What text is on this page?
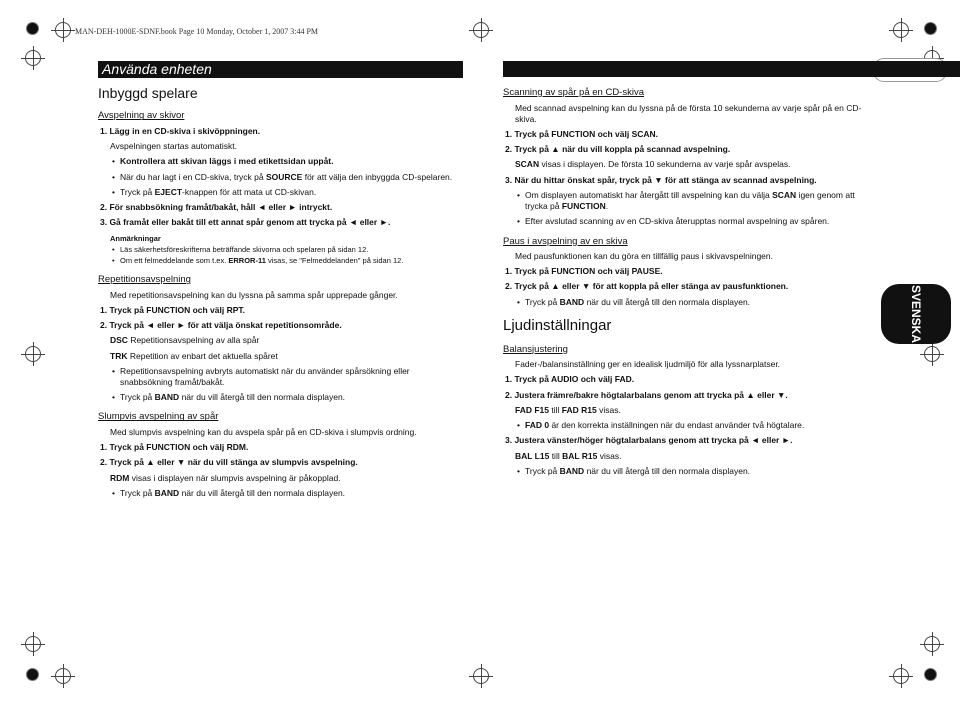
MAN-DEH-1000E-SDNF.book Page 10 Monday, October 1, 2007 3:44 PM
SVENSKA
Använda enheten
Inbyggd spelare
Avspelning av skivor

1. Lägg in en CD-skiva i skivöppningen.

Avspelningen startas automatiskt.

• Kontrollera att skivan läggs i med etikettsidan uppåt.

• När du har lagt i en CD-skiva, tryck på SOURCE för att välja den inbyggda CD-spelaren.

• Tryck på EJECT-knappen för att mata ut CD-skivan.

2. För snabbsökning framåt/bakåt, håll ◄ eller ► intryckt.

3. Gå framåt eller bakåt till ett annat spår genom att trycka på ◄ eller ►.

Anmärkningar

• Läs säkerhetsföreskrifterna beträffande skivorna och spelaren på sidan 12.

• Om ett felmeddelande som t.ex. ERROR-11 visas, se "Felmeddelanden" på sidan 12.

Repetitionsavspelning

Med repetitionsavspelning kan du lyssna på samma spår upprepade gånger.

1. Tryck på FUNCTION och välj RPT.

2. Tryck på ◄ eller ► för att välja önskat repetitionsområde.

DSC Repetitionsavspelning av alla spår

TRK Repetition av enbart det aktuella spåret

• Repetitionsavspelning avbryts automatiskt när du använder spårsökning eller snabbsökning framåt/bakåt.

• Tryck på BAND när du vill återgå till den normala displayen.

Slumpvis avspelning av spår

Med slumpvis avspelning kan du avspela spår på en CD-skiva i slumpvis ordning.

1. Tryck på FUNCTION och välj RDM.

2. Tryck på ▲ eller ▼ när du vill stänga av slumpvis avspelning.

RDM visas i displayen när slumpvis avspelning är påkopplad.

• Tryck på BAND när du vill återgå till den normala displayen.

Scanning av spår på en CD-skiva

Med scannad avspelning kan du lyssna på de första 10 sekunderna av varje spår på en CD-skiva.

1. Tryck på FUNCTION och välj SCAN.

2. Tryck på ▲ när du vill koppla på scannad avspelning.

SCAN visas i displayen. De första 10 sekunderna av varje spår avspelas.

3. När du hittar önskat spår, tryck på ▼ för att stänga av scannad avspelning.

• Om displayen automatiskt har återgått till avspelning kan du välja SCAN igen genom att trycka på FUNCTION.

• Efter avslutad scanning av en CD-skiva återupptas normal avspelning av spåren.

Paus i avspelning av en skiva

Med pausfunktionen kan du göra en tillfällig paus i skivavspelningen.

1. Tryck på FUNCTION och välj PAUSE.

2. Tryck på ▲ eller ▼ för att koppla på eller stänga av pausfunktionen.

• Tryck på BAND när du vill återgå till den normala displayen.

Ljudinställningar
Balansjustering

Fader-/balansinställning ger en idealisk ljudmiljö för alla lyssnarplatser.

1. Tryck på AUDIO och välj FAD.

2. Justera främre/bakre högtalarbalans genom att trycka på ▲ eller ▼.

FAD F15 till FAD R15 visas.

• FAD 0 är den korrekta inställningen när du endast använder två högtalare.

3. Justera vänster/höger högtalarbalans genom att trycka på ◄ eller ►.

BAL L15 till BAL R15 visas.

• Tryck på BAND när du vill återgå till den normala displayen.
